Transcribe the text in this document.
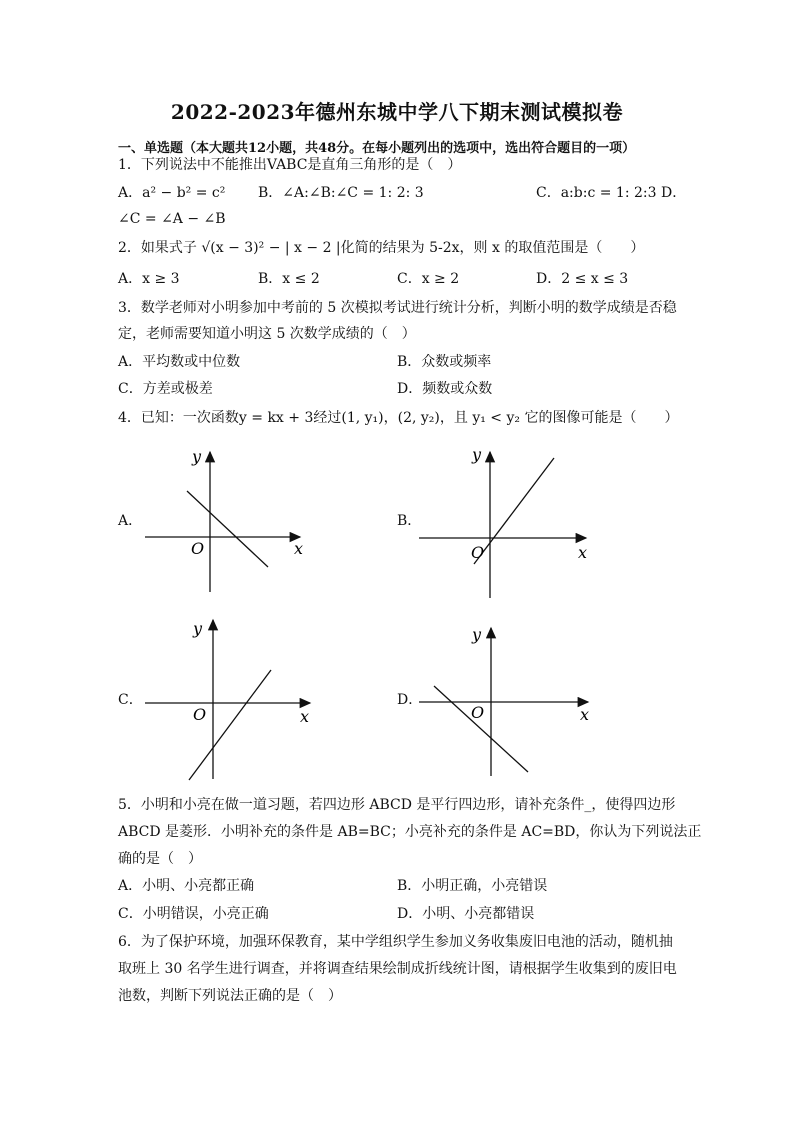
2022-2023年德州东城中学八下期末测试模拟卷
一、单选题（本大题共12小题，共48分。在每小题列出的选项中，选出符合题目的一项）
1．下列说法中不能推出VABC是直角三角形的是（　）
A．a² − b² = c² B．∠A:∠B:∠C = 1: 2: 3	C．a:b:c = 1: 2:3 D．
∠C = ∠A − ∠B
2．如果式子 √(x − 3)² − | x − 2 |化简的结果为 5-2x，则 x 的取值范围是（　　）
A．x ≥ 3	B．x ≤ 2	C．x ≥ 2	D．2 ≤ x ≤ 3
3．数学老师对小明参加中考前的 5 次模拟考试进行统计分析，判断小明的数学成绩是否稳
定，老师需要知道小明这 5 次数学成绩的（　）
A．平均数或中位数	B．众数或频率
C．方差或极差	D．频数或众数
4．已知：一次函数y = kx + 3经过(1, y₁)，(2, y₂)，且 y₁ < y₂ 它的图像可能是（　　）
A．
y
x
O
B．
y
x
O
C．
y
x
O
D．
y
x
O
5．小明和小亮在做一道习题，若四边形 ABCD 是平行四边形，请补充条件_，使得四边形
ABCD 是菱形．小明补充的条件是 AB=BC；小亮补充的条件是 AC=BD，你认为下列说法正
确的是（　）
A．小明、小亮都正确	B．小明正确，小亮错误
C．小明错误，小亮正确	D．小明、小亮都错误
6．为了保护环境，加强环保教育，某中学组织学生参加义务收集废旧电池的活动，随机抽
取班上 30 名学生进行调查，并将调查结果绘制成折线统计图，请根据学生收集到的废旧电
池数，判断下列说法正确的是（　）
